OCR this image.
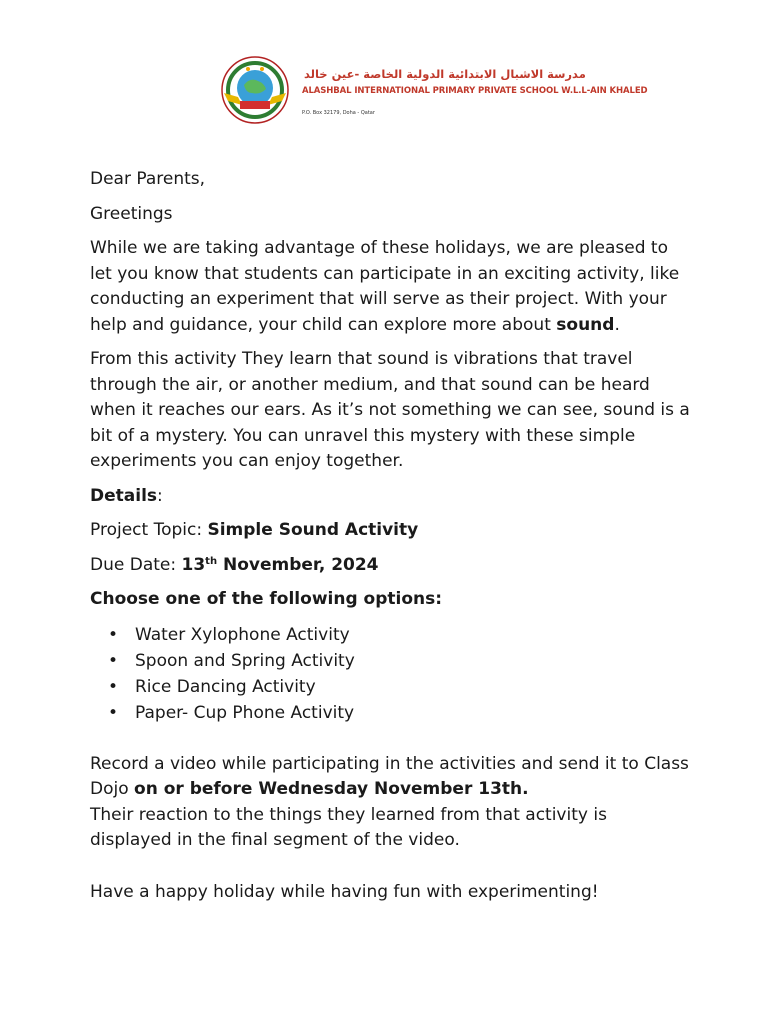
مدرسة الاشبال الابتدائية الدولية الخاصة -عين خالد
ALASHBAL INTERNATIONAL PRIMARY PRIVATE SCHOOL W.L.L-AIN KHALED
P.O. Box 32179, Doha - Qatar

Dear Parents,

Greetings

While we are taking advantage of these holidays, we are pleased to let you know that students can participate in an exciting activity, like conducting an experiment that will serve as their project. With your help and guidance, your child can explore more about sound.

From this activity They learn that sound is vibrations that travel through the air, or another medium, and that sound can be heard when it reaches our ears. As it’s not something we can see, sound is a bit of a mystery. You can unravel this mystery with these simple experiments you can enjoy together.

Details:

Project Topic: Simple Sound Activity

Due Date: 13th November, 2024

Choose one of the following options:

• Water Xylophone Activity
• Spoon and Spring Activity
• Rice Dancing Activity
• Paper- Cup Phone Activity

Record a video while participating in the activities and send it to Class Dojo on or before Wednesday November 13th.

Their reaction to the things they learned from that activity is displayed in the final segment of the video.

Have a happy holiday while having fun with experimenting!
